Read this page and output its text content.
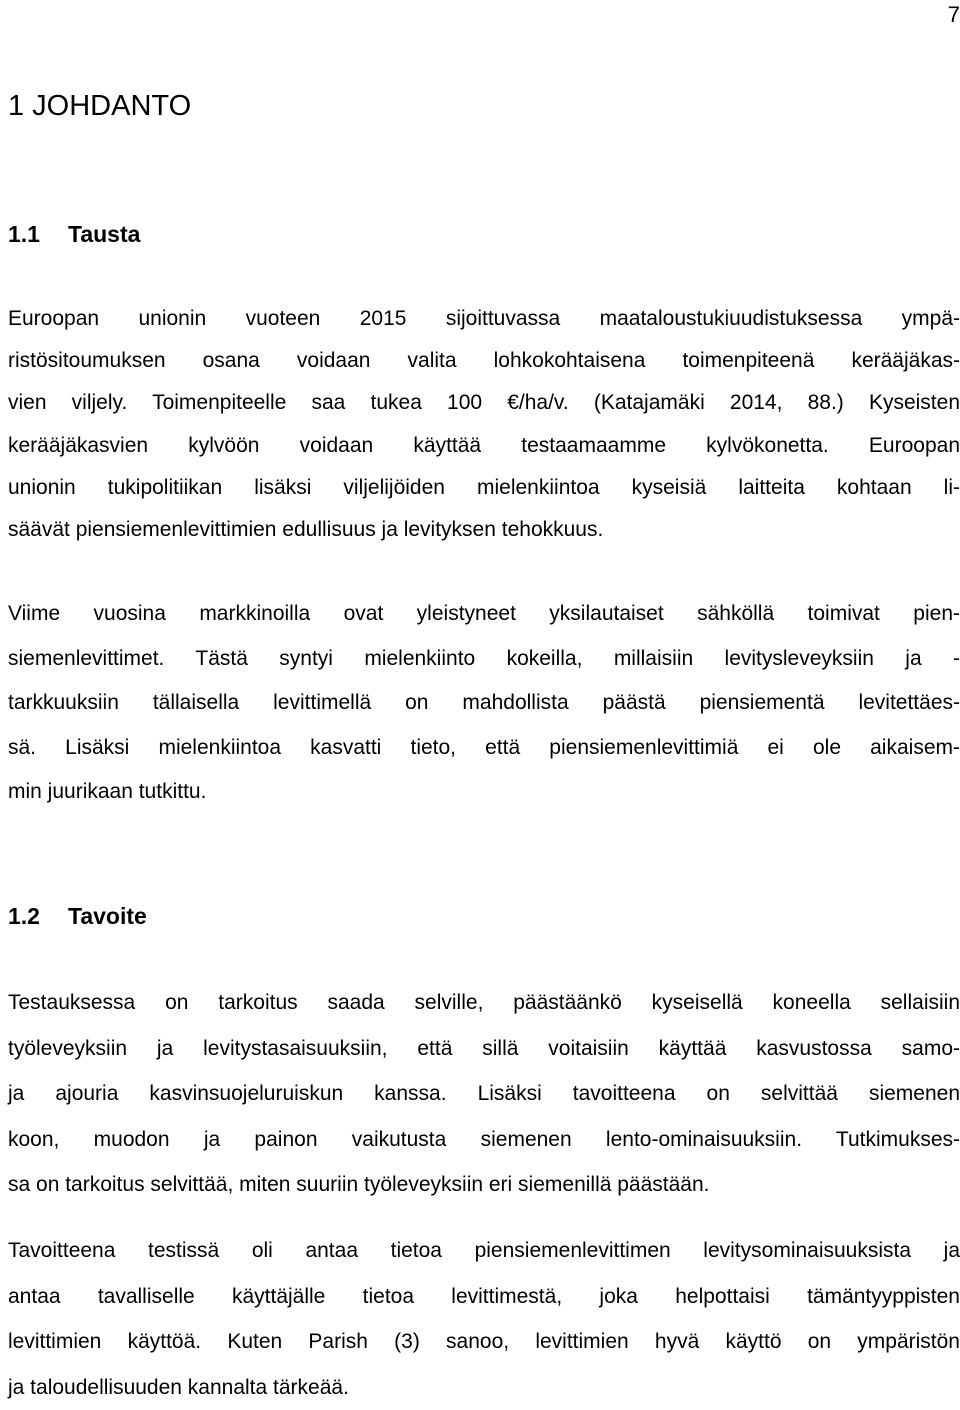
7
1 JOHDANTO
1.1 Tausta

Euroopan unionin vuoteen 2015 sijoittuvassa maataloustukiuudistuksessa ympä-
ristösitoumuksen osana voidaan valita lohkokohtaisena toimenpiteenä kerääjäkas-
vien viljely. Toimenpiteelle saa tukea 100 €/ha/v. (Katajamäki 2014, 88.) Kyseisten
kerääjäkasvien kylvöön voidaan käyttää testaamaamme kylvökonetta. Euroopan
unionin tukipolitiikan lisäksi viljelijöiden mielenkiintoa kyseisiä laitteita kohtaan li-
säävät piensiemenlevittimien edullisuus ja levityksen tehokkuus.

Viime vuosina markkinoilla ovat yleistyneet yksilautaiset sähköllä toimivat pien-
siemenlevittimet. Tästä syntyi mielenkiinto kokeilla, millaisiin levitysleveyksiin ja -
tarkkuuksiin tällaisella levittimellä on mahdollista päästä piensiementä levitettäes-
sä. Lisäksi mielenkiintoa kasvatti tieto, että piensiemenlevittimiä ei ole aikaisem-
min juurikaan tutkittu.

1.2 Tavoite

Testauksessa on tarkoitus saada selville, päästäänkö kyseisellä koneella sellaisiin
työleveyksiin ja levitystasaisuuksiin, että sillä voitaisiin käyttää kasvustossa samo-
ja ajouria kasvinsuojeluruiskun kanssa. Lisäksi tavoitteena on selvittää siemenen
koon, muodon ja painon vaikutusta siemenen lento-ominaisuuksiin. Tutkimukses-
sa on tarkoitus selvittää, miten suuriin työleveyksiin eri siemenillä päästään.

Tavoitteena testissä oli antaa tietoa piensiemenlevittimen levitysominaisuuksista ja
antaa tavalliselle käyttäjälle tietoa levittimestä, joka helpottaisi tämäntyyppisten
levittimien käyttöä. Kuten Parish (3) sanoo, levittimien hyvä käyttö on ympäristön
ja taloudellisuuden kannalta tärkeää.
